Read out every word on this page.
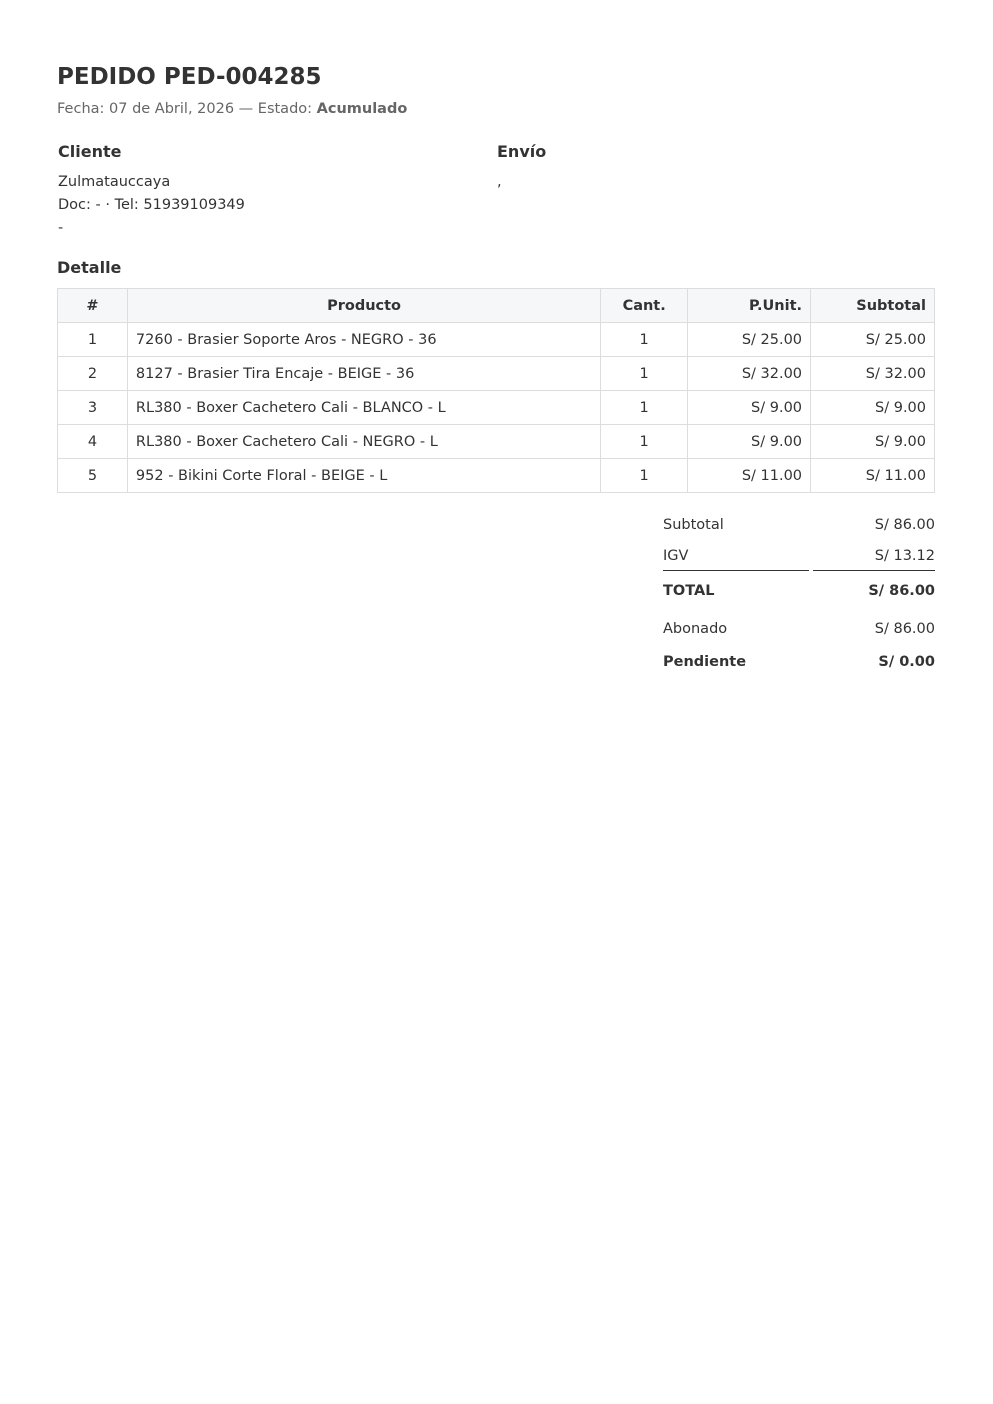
PEDIDO PED-004285
Fecha: 07 de Abril, 2026 — Estado: Acumulado
Cliente
Zulmatauccaya
Doc: - · Tel: 51939109349
-
Envío
,
Detalle
#	Producto	Cant.	P.Unit.	Subtotal
1	7260 - Brasier Soporte Aros - NEGRO - 36	1	S/ 25.00	S/ 25.00
2	8127 - Brasier Tira Encaje - BEIGE - 36	1	S/ 32.00	S/ 32.00
3	RL380 - Boxer Cachetero Cali - BLANCO - L	1	S/ 9.00	S/ 9.00
4	RL380 - Boxer Cachetero Cali - NEGRO - L	1	S/ 9.00	S/ 9.00
5	952 - Bikini Corte Floral - BEIGE - L	1	S/ 11.00	S/ 11.00
Subtotal	S/ 86.00
IGV	S/ 13.12
TOTAL	S/ 86.00
Abonado	S/ 86.00
Pendiente	S/ 0.00
